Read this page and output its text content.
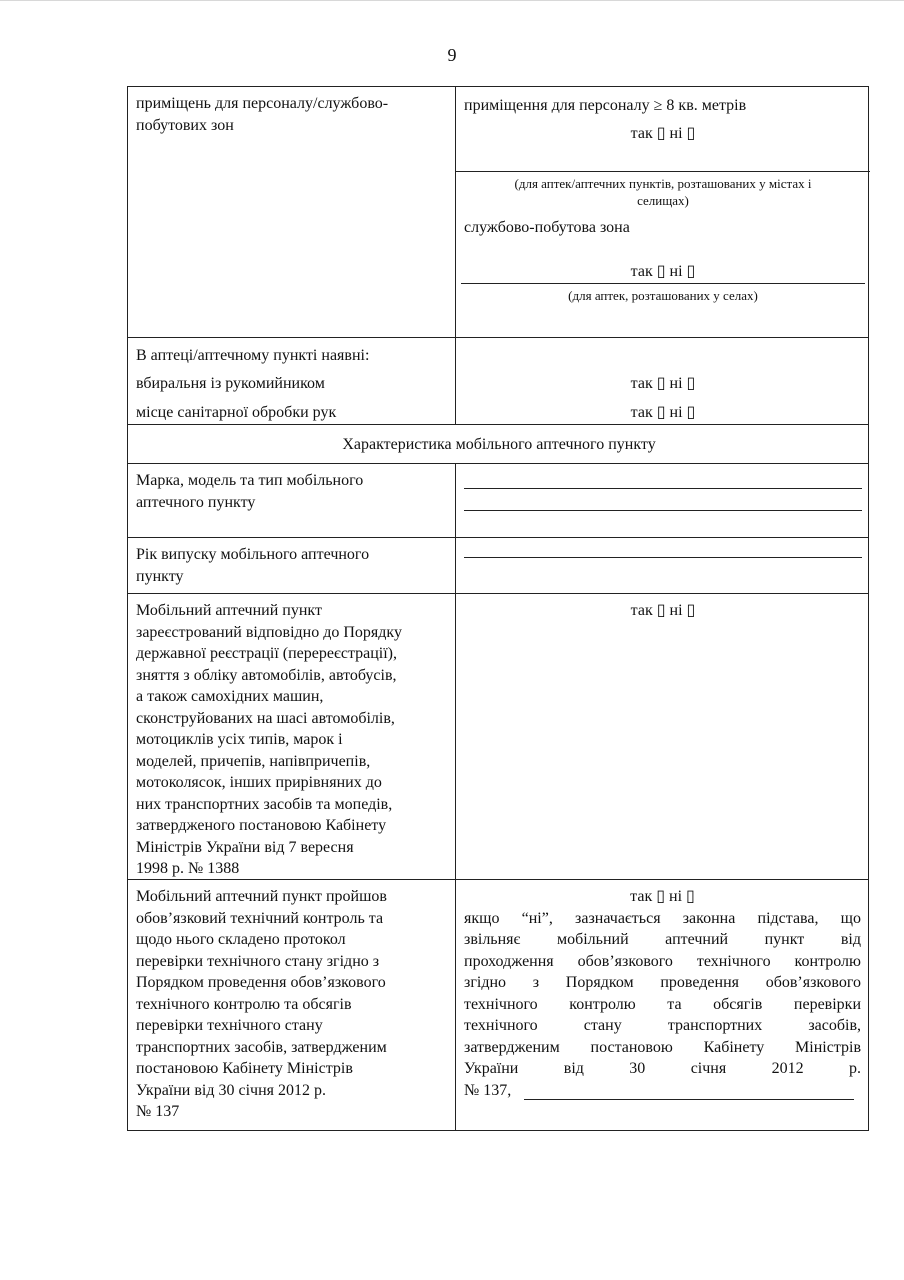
9
приміщень для персоналу/службово-
побутових зон
приміщення для персоналу ≥ 8 кв. метрів
так ▯ ні ▯
(для аптек/аптечних пунктів, розташованих у містах і
селищах)
службово-побутова зона
так ▯ ні ▯
(для аптек, розташованих у селах)
В аптеці/аптечному пункті наявні:
вбиральня із рукомийником
місце санітарної обробки рук
так ▯ ні ▯
так ▯ ні ▯
Характеристика мобільного аптечного пункту
Марка, модель та тип мобільного
аптечного пункту
Рік випуску мобільного аптечного
пункту
Мобільний аптечний пункт
зареєстрований відповідно до Порядку
державної реєстрації (перереєстрації),
зняття з обліку автомобілів, автобусів,
а також самохідних машин,
сконструйованих на шасі автомобілів,
мотоциклів усіх типів, марок і
моделей, причепів, напівпричепів,
мотоколясок, інших прирівняних до
них транспортних засобів та мопедів,
затвердженого постановою Кабінету
Міністрів України від 7 вересня
1998 р. № 1388
так ▯ ні ▯
Мобільний аптечний пункт пройшов
обов’язковий технічний контроль та
щодо нього складено протокол
перевірки технічного стану згідно з
Порядком проведення обов’язкового
технічного контролю та обсягів
перевірки технічного стану
транспортних засобів, затвердженим
постановою Кабінету Міністрів
України від 30 січня 2012 р.
№ 137
так ▯ ні ▯
якщо “ні”, зазначається законна підстава, що
звільняє мобільний аптечний пункт від
проходження обов’язкового технічного контролю
згідно з Порядком проведення обов’язкового
технічного контролю та обсягів перевірки
технічного стану транспортних засобів,
затвердженим постановою Кабінету Міністрів
України від 30 січня 2012 р.
№ 137,
